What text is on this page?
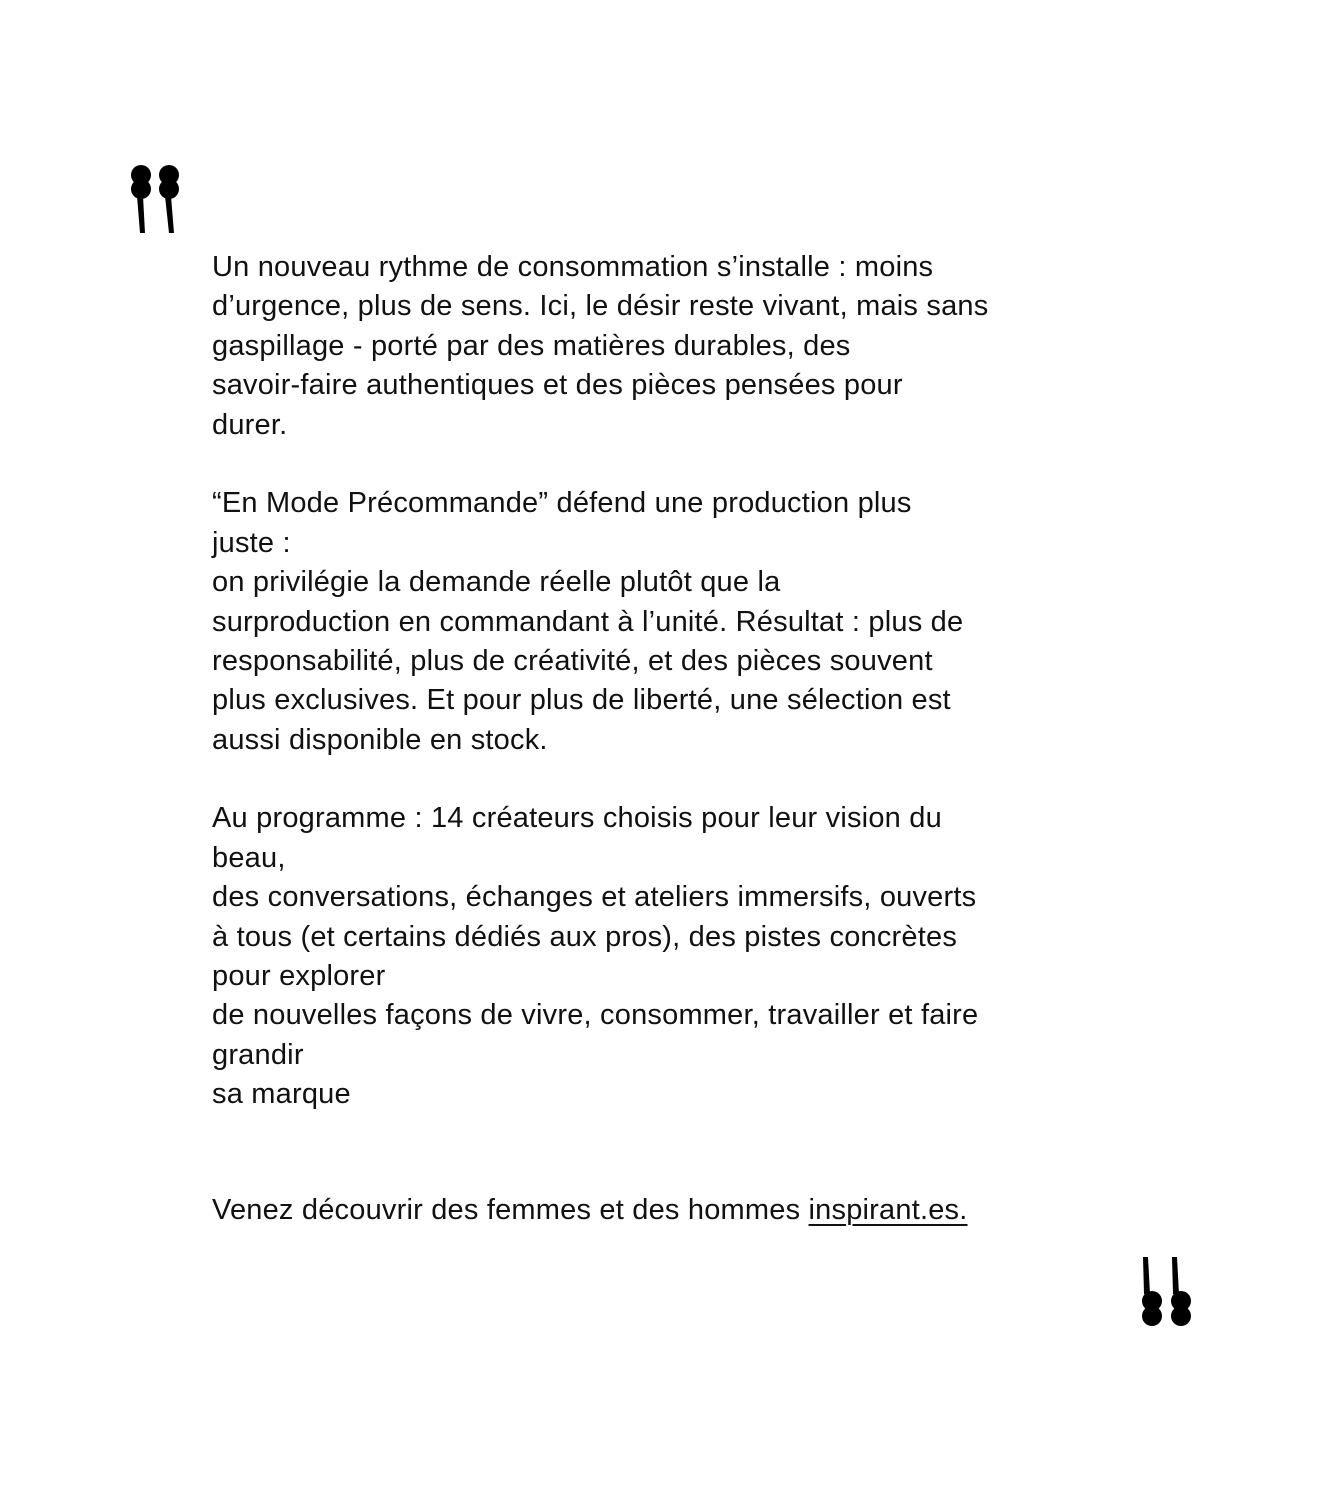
Un nouveau rythme de consommation s’installe : moins
d’urgence, plus de sens. Ici, le désir reste vivant, mais sans
gaspillage - porté par des matières durables, des
savoir-faire authentiques et des pièces pensées pour
durer.
“En Mode Précommande” défend une production plus
juste :
on privilégie la demande réelle plutôt que la
surproduction en commandant à l’unité. Résultat : plus de
responsabilité, plus de créativité, et des pièces souvent
plus exclusives. Et pour plus de liberté, une sélection est
aussi disponible en stock.
Au programme : 14 créateurs choisis pour leur vision du
beau,
des conversations, échanges et ateliers immersifs, ouverts
à tous (et certains dédiés aux pros), des pistes concrètes
pour explorer
de nouvelles façons de vivre, consommer, travailler et faire
grandir
sa marque
Venez découvrir des femmes et des hommes inspirant.es.
